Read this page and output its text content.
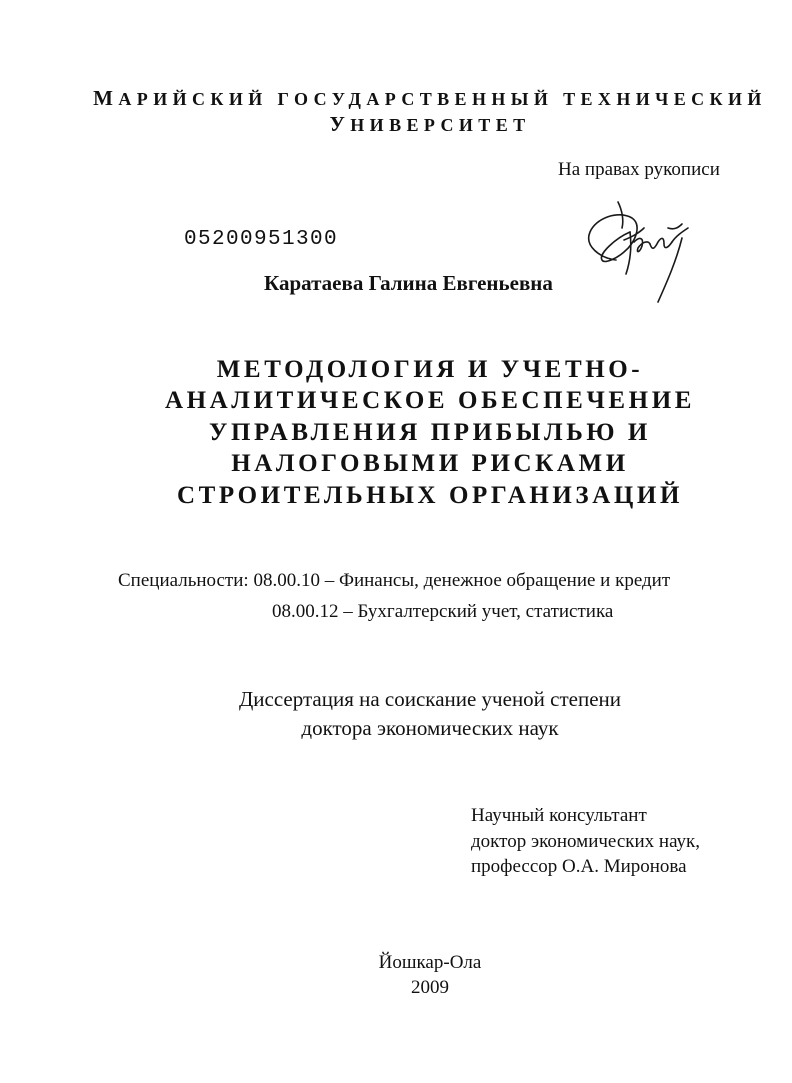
МАРИЙСКИЙ ГОСУДАРСТВЕННЫЙ ТЕХНИЧЕСКИЙ
УНИВЕРСИТЕТ
На правах рукописи
05200951300
Каратаева Галина Евгеньевна
МЕТОДОЛОГИЯ И УЧЕТНО-
АНАЛИТИЧЕСКОЕ ОБЕСПЕЧЕНИЕ
УПРАВЛЕНИЯ ПРИБЫЛЬЮ И
НАЛОГОВЫМИ РИСКАМИ
СТРОИТЕЛЬНЫХ ОРГАНИЗАЦИЙ
Специальности: 08.00.10 – Финансы, денежное обращение и кредит
08.00.12 – Бухгалтерский учет, статистика
Диссертация на соискание ученой степени
доктора экономических наук
Научный консультант
доктор экономических наук,
профессор О.А. Миронова
Йошкар-Ола
2009
